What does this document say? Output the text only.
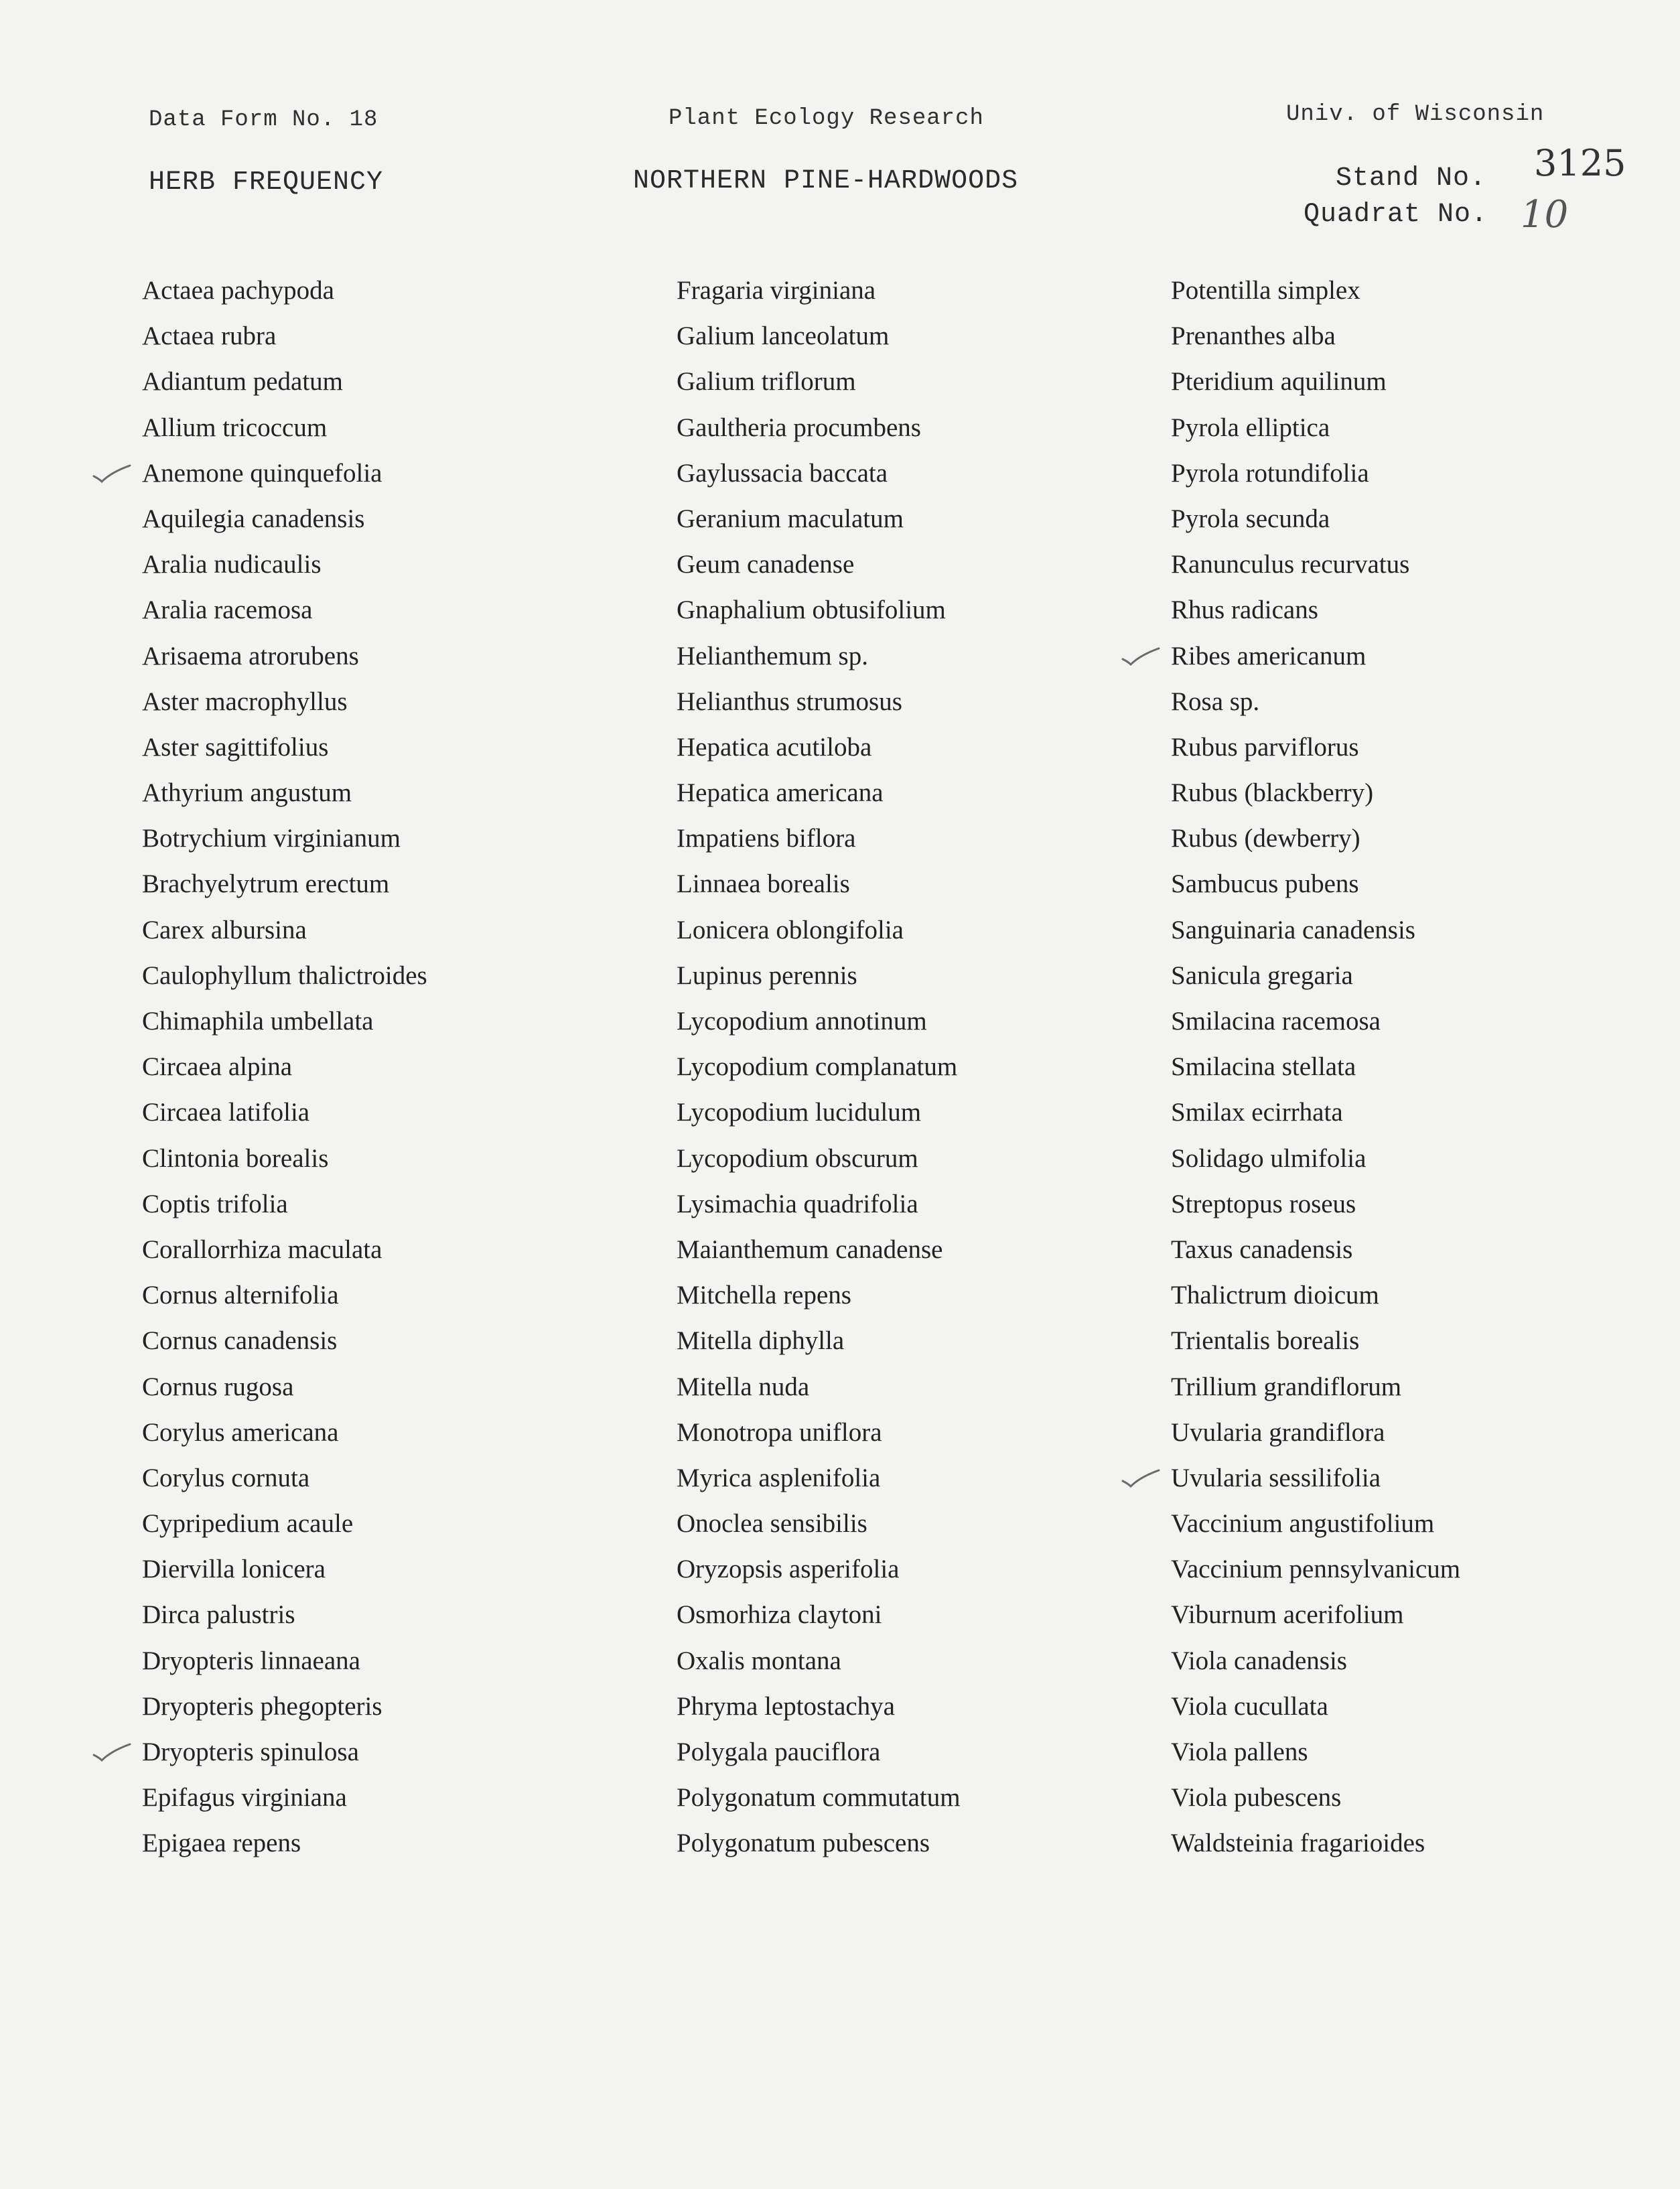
Data Form No. 18	Plant Ecology Research	Univ. of Wisconsin
HERB FREQUENCY	NORTHERN PINE-HARDWOODS	Stand No. 3125
Quadrat No. 10
Actaea pachypoda
Actaea rubra
Adiantum pedatum
Allium tricoccum
Anemone quinquefolia
Aquilegia canadensis
Aralia nudicaulis
Aralia racemosa
Arisaema atrorubens
Aster macrophyllus
Aster sagittifolius
Athyrium angustum
Botrychium virginianum
Brachyelytrum erectum
Carex albursina
Caulophyllum thalictroides
Chimaphila umbellata
Circaea alpina
Circaea latifolia
Clintonia borealis
Coptis trifolia
Corallorrhiza maculata
Cornus alternifolia
Cornus canadensis
Cornus rugosa
Corylus americana
Corylus cornuta
Cypripedium acaule
Diervilla lonicera
Dirca palustris
Dryopteris linnaeana
Dryopteris phegopteris
Dryopteris spinulosa
Epifagus virginiana
Epigaea repens
Fragaria virginiana
Galium lanceolatum
Galium triflorum
Gaultheria procumbens
Gaylussacia baccata
Geranium maculatum
Geum canadense
Gnaphalium obtusifolium
Helianthemum sp.
Helianthus strumosus
Hepatica acutiloba
Hepatica americana
Impatiens biflora
Linnaea borealis
Lonicera oblongifolia
Lupinus perennis
Lycopodium annotinum
Lycopodium complanatum
Lycopodium lucidulum
Lycopodium obscurum
Lysimachia quadrifolia
Maianthemum canadense
Mitchella repens
Mitella diphylla
Mitella nuda
Monotropa uniflora
Myrica asplenifolia
Onoclea sensibilis
Oryzopsis asperifolia
Osmorhiza claytoni
Oxalis montana
Phryma leptostachya
Polygala pauciflora
Polygonatum commutatum
Polygonatum pubescens
Potentilla simplex
Prenanthes alba
Pteridium aquilinum
Pyrola elliptica
Pyrola rotundifolia
Pyrola secunda
Ranunculus recurvatus
Rhus radicans
Ribes americanum
Rosa sp.
Rubus parviflorus
Rubus (blackberry)
Rubus (dewberry)
Sambucus pubens
Sanguinaria canadensis
Sanicula gregaria
Smilacina racemosa
Smilacina stellata
Smilax ecirrhata
Solidago ulmifolia
Streptopus roseus
Taxus canadensis
Thalictrum dioicum
Trientalis borealis
Trillium grandiflorum
Uvularia grandiflora
Uvularia sessilifolia
Vaccinium angustifolium
Vaccinium pennsylvanicum
Viburnum acerifolium
Viola canadensis
Viola cucullata
Viola pallens
Viola pubescens
Waldsteinia fragarioides
